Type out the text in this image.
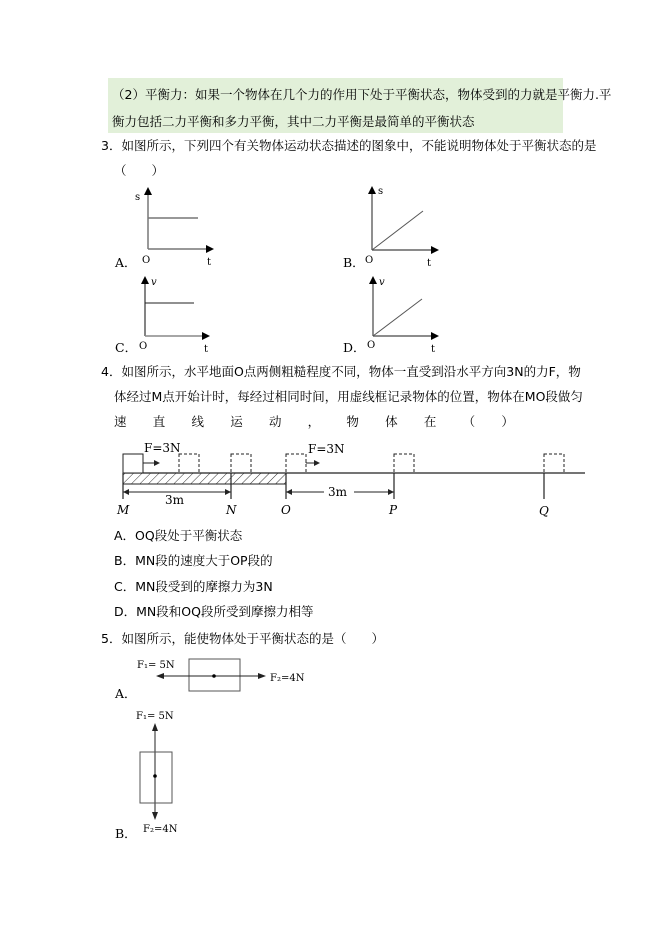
（2）平衡力：如果一个物体在几个力的作用下处于平衡状态，物体受到的力就是平衡力.平
衡力包括二力平衡和多力平衡，其中二力平衡是最简单的平衡状态
3．如图所示，下列四个有关物体运动状态描述的图象中，不能说明物体处于平衡状态的是
（　　）
A．
s
O	t	B．
s
O	t
C．
v
O	t	D．
v
O	t
4．如图所示，水平地面O点两侧粗糙程度不同，物体一直受到沿水平方向3N的力F，物
体经过M点开始计时，每经过相同时间，用虚线框记录物体的位置，物体在MO段做匀
速 直 线 运 动 ， 物 体 在 （ ）
F=3N	F=3N
3m
3m
M	N	O	P	Q
A．OQ段处于平衡状态
B．MN段的速度大于OP段的
C．MN段受到的摩擦力为3N
D．MN段和OQ段所受到摩擦力相等
5．如图所示，能使物体处于平衡状态的是（　　）
A．
F₁= 5N
F₂=4N
B．
F₁= 5N
F₂=4N
